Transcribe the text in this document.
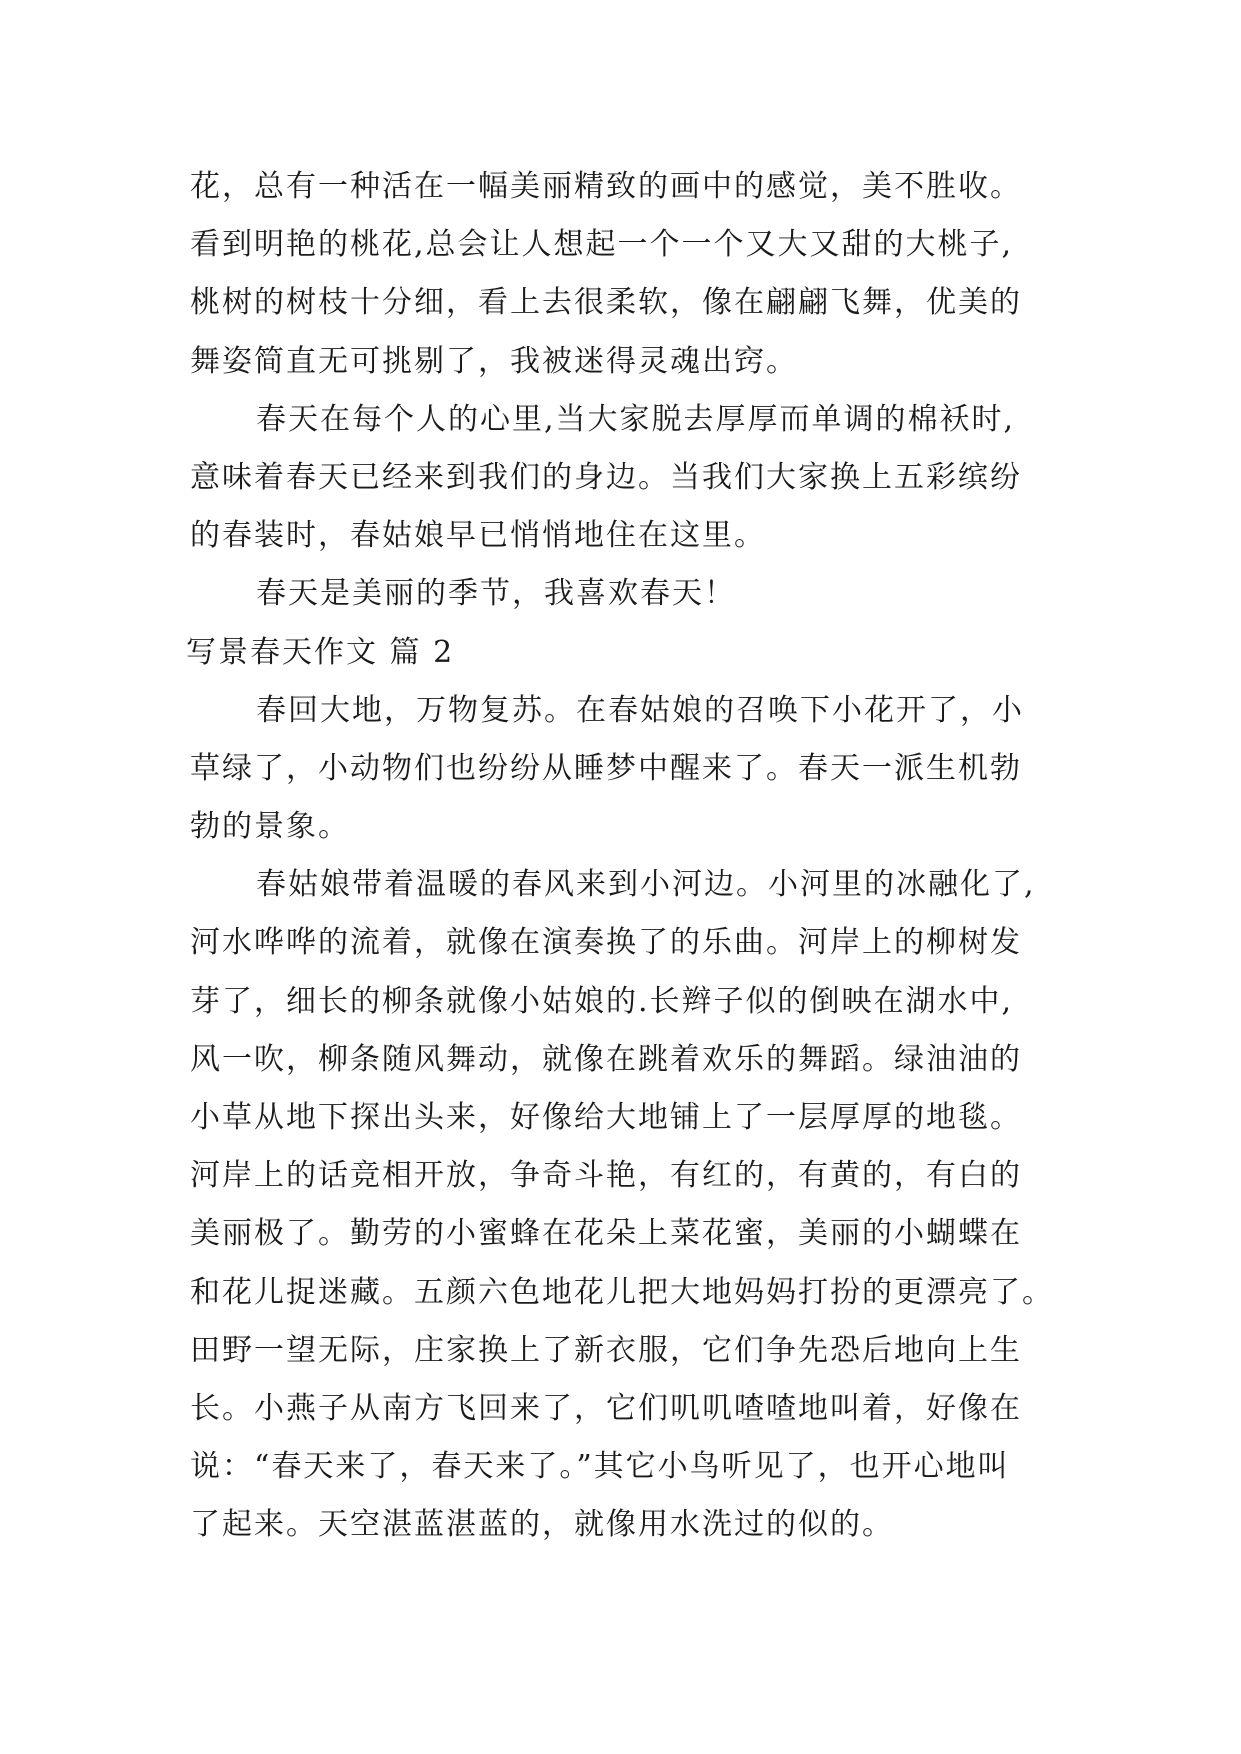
花，总有一种活在一幅美丽精致的画中的感觉，美不胜收。
看到明艳的桃花,总会让人想起一个一个又大又甜的大桃子,
桃树的树枝十分细，看上去很柔软，像在翩翩飞舞，优美的
舞姿简直无可挑剔了，我被迷得灵魂出窍。
春天在每个人的心里,当大家脱去厚厚而单调的棉袄时,
意味着春天已经来到我们的身边。当我们大家换上五彩缤纷
的春装时，春姑娘早已悄悄地住在这里。
春天是美丽的季节，我喜欢春天！
写景春天作文 篇 2
春回大地，万物复苏。在春姑娘的召唤下小花开了，小
草绿了，小动物们也纷纷从睡梦中醒来了。春天一派生机勃
勃的景象。
春姑娘带着温暖的春风来到小河边。小河里的冰融化了,
河水哗哗的流着，就像在演奏换了的乐曲。河岸上的柳树发
芽了，细长的柳条就像小姑娘的.长辫子似的倒映在湖水中,
风一吹，柳条随风舞动，就像在跳着欢乐的舞蹈。绿油油的
小草从地下探出头来，好像给大地铺上了一层厚厚的地毯。
河岸上的话竞相开放，争奇斗艳，有红的，有黄的，有白的
美丽极了。勤劳的小蜜蜂在花朵上菜花蜜，美丽的小蝴蝶在
和花儿捉迷藏。五颜六色地花儿把大地妈妈打扮的更漂亮了。
田野一望无际，庄家换上了新衣服，它们争先恐后地向上生
长。小燕子从南方飞回来了，它们叽叽喳喳地叫着，好像在
说：“春天来了，春天来了。”其它小鸟听见了，也开心地叫
了起来。天空湛蓝湛蓝的，就像用水洗过的似的。
